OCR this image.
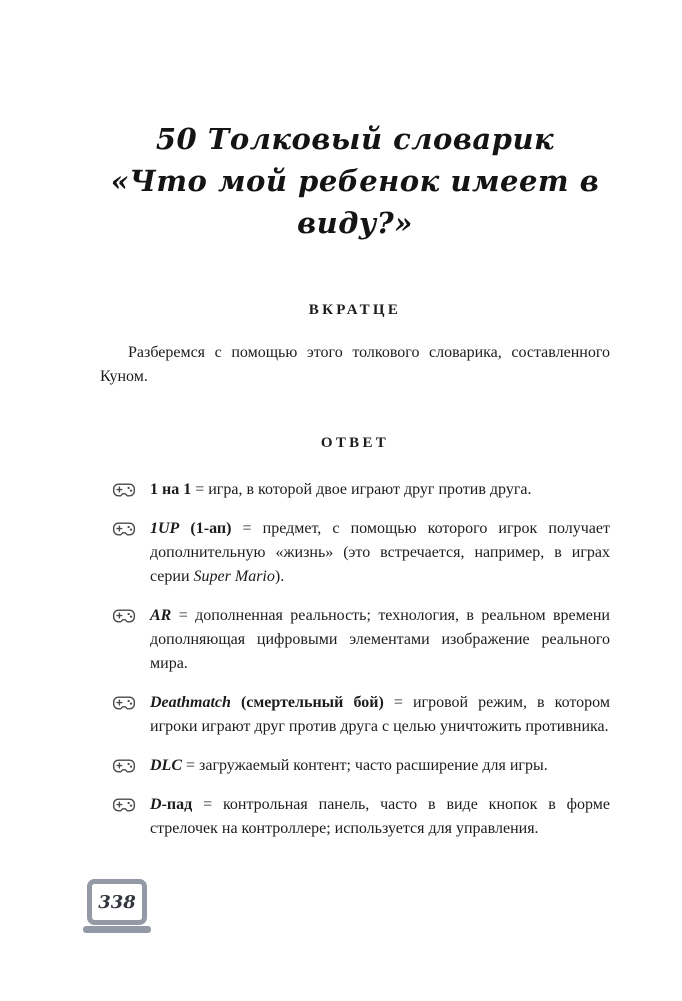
50 Толковый словарик
«Что мой ребенок имеет в виду?»
ВКРАТЦЕ

Разберемся с помощью этого толкового словарика, составленного Куном.

ОТВЕТ
1 на 1 = игра, в которой двое играют друг против друга.
1UP (1-ап) = предмет, с помощью которого игрок получает дополнительную «жизнь» (это встречается, например, в играх серии Super Mario).
AR = дополненная реальность; технология, в реальном времени дополняющая цифровыми элементами изображение реального мира.
Deathmatch (смертельный бой) = игровой режим, в котором игроки играют друг против друга с целью уничтожить противника.
DLC = загружаемый контент; часто расширение для игры.
D-пад = контрольная панель, часто в виде кнопок в форме стрелочек на контроллере; используется для управления.
338
